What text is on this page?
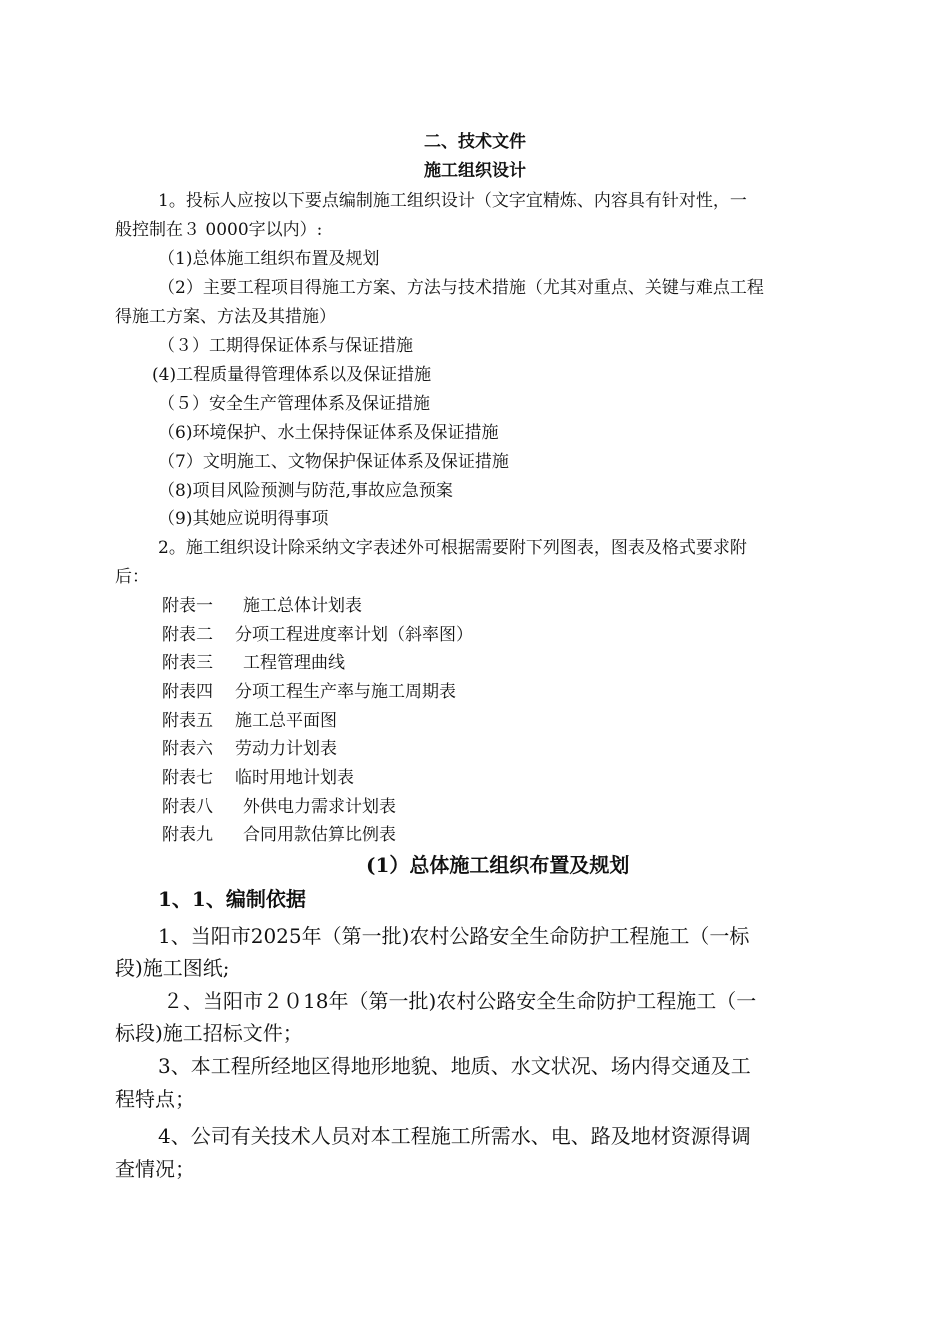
二、技术文件
施工组织设计
1。投标人应按以下要点编制施工组织设计（文字宜精炼、内容具有针对性，一
般控制在３ 0000字以内）:
（1)总体施工组织布置及规划
（2）主要工程项目得施工方案、方法与技术措施（尤其对重点、关键与难点工程
得施工方案、方法及其措施）
（３）工期得保证体系与保证措施
(4)工程质量得管理体系以及保证措施
（５）安全生产管理体系及保证措施
（6)环境保护、水土保持保证体系及保证措施
（7）文明施工、文物保护保证体系及保证措施
（8)项目风险预测与防范,事故应急预案
（9)其她应说明得事项
2。施工组织设计除采纳文字表述外可根据需要附下列图表，图表及格式要求附
后：
附表一 施工总体计划表
附表二 分项工程进度率计划（斜率图）
附表三 工程管理曲线
附表四 分项工程生产率与施工周期表
附表五 施工总平面图
附表六 劳动力计划表
附表七 临时用地计划表
附表八 外供电力需求计划表
附表九 合同用款估算比例表
(1）总体施工组织布置及规划
1、1、编制依据
1、当阳市2025年（第一批)农村公路安全生命防护工程施工（一标
段)施工图纸;
２、当阳市２０18年（第一批)农村公路安全生命防护工程施工（一
标段)施工招标文件；
3、本工程所经地区得地形地貌、地质、水文状况、场内得交通及工
程特点；
4、公司有关技术人员对本工程施工所需水、电、路及地材资源得调
查情况；
